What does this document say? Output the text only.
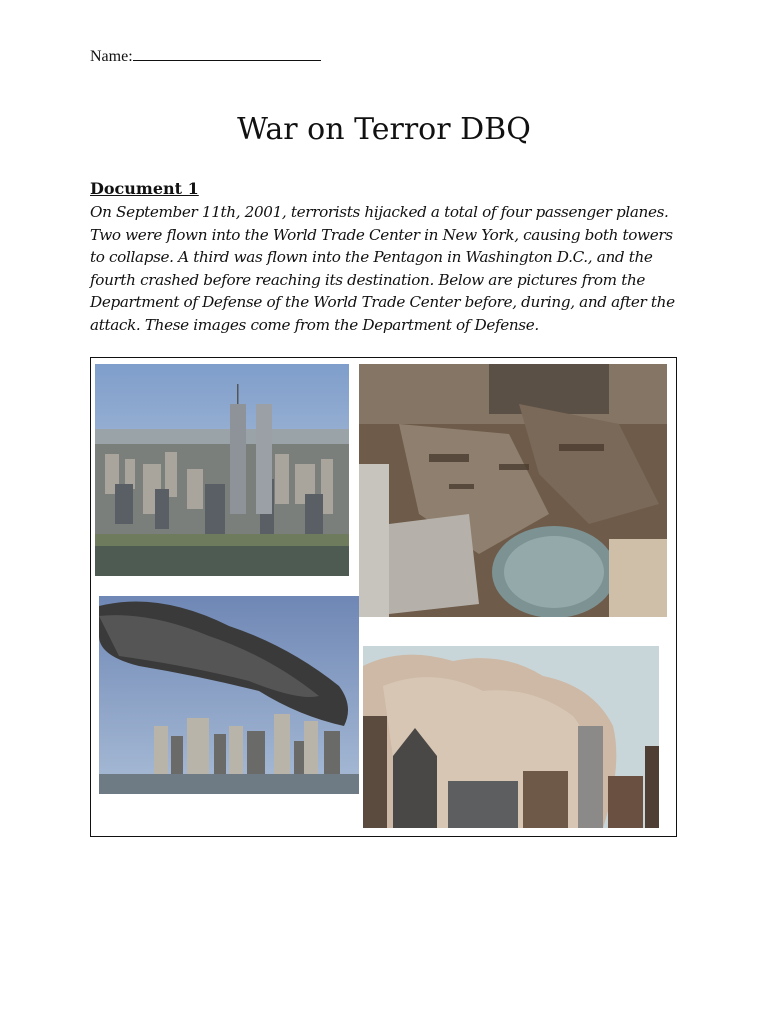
Name:
War on Terror DBQ
Document 1

On September 11th, 2001, terrorists hijacked a total of four passenger planes. Two were flown into the World Trade Center in New York, causing both towers to collapse. A third was flown into the Pentagon in Washington D.C., and the fourth crashed before reaching its destination. Below are pictures from the Department of Defense of the World Trade Center before, during, and after the attack. These images come from the Department of Defense.
